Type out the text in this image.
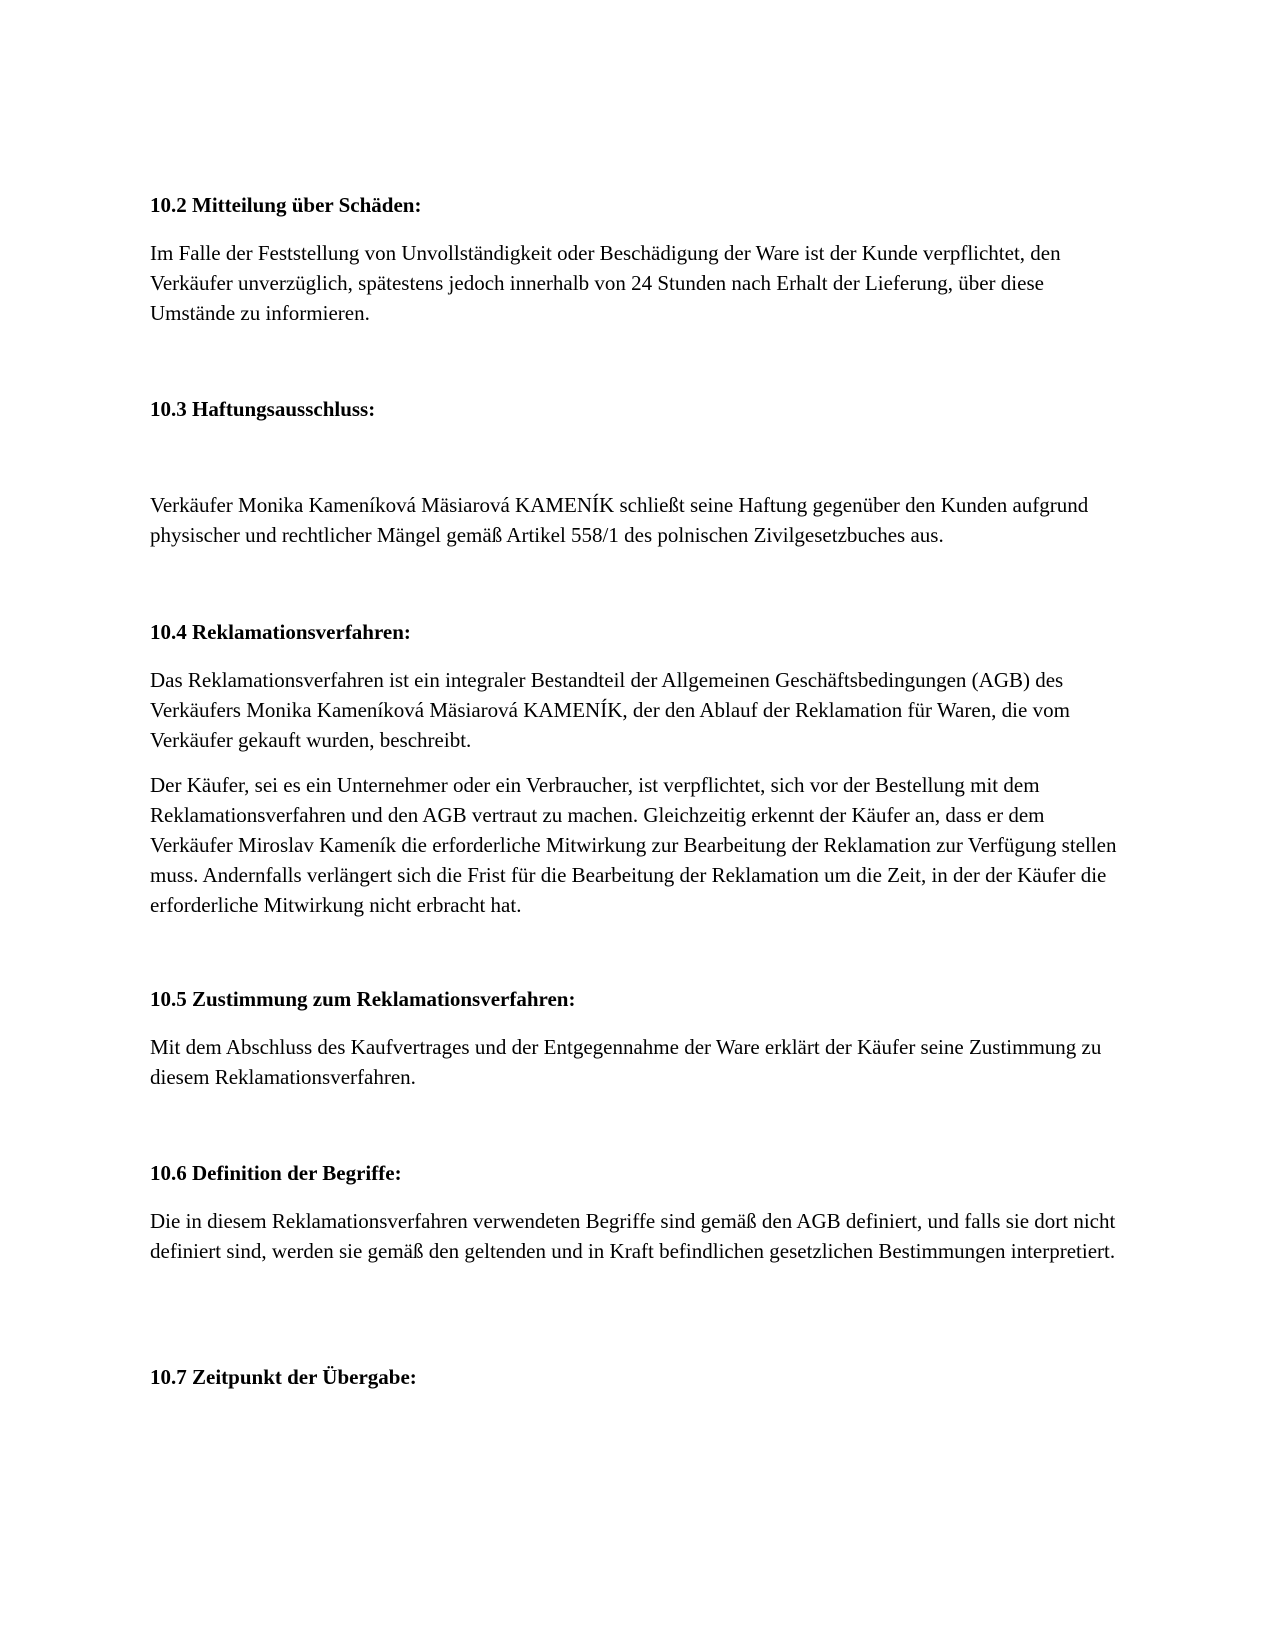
10.2 Mitteilung über Schäden:
Im Falle der Feststellung von Unvollständigkeit oder Beschädigung der Ware ist der Kunde verpflichtet, den Verkäufer unverzüglich, spätestens jedoch innerhalb von 24 Stunden nach Erhalt der Lieferung, über diese Umstände zu informieren.
10.3 Haftungsausschluss:
Verkäufer Monika Kameníková Mäsiarová KAMENÍK schließt seine Haftung gegenüber den Kunden aufgrund physischer und rechtlicher Mängel gemäß Artikel 558/1 des polnischen Zivilgesetzbuches aus.
10.4 Reklamationsverfahren:
Das Reklamationsverfahren ist ein integraler Bestandteil der Allgemeinen Geschäftsbedingungen (AGB) des Verkäufers Monika Kameníková Mäsiarová KAMENÍK, der den Ablauf der Reklamation für Waren, die vom Verkäufer gekauft wurden, beschreibt.
Der Käufer, sei es ein Unternehmer oder ein Verbraucher, ist verpflichtet, sich vor der Bestellung mit dem Reklamationsverfahren und den AGB vertraut zu machen. Gleichzeitig erkennt der Käufer an, dass er dem Verkäufer Miroslav Kameník die erforderliche Mitwirkung zur Bearbeitung der Reklamation zur Verfügung stellen muss. Andernfalls verlängert sich die Frist für die Bearbeitung der Reklamation um die Zeit, in der der Käufer die erforderliche Mitwirkung nicht erbracht hat.
10.5 Zustimmung zum Reklamationsverfahren:
Mit dem Abschluss des Kaufvertrages und der Entgegennahme der Ware erklärt der Käufer seine Zustimmung zu diesem Reklamationsverfahren.
10.6 Definition der Begriffe:
Die in diesem Reklamationsverfahren verwendeten Begriffe sind gemäß den AGB definiert, und falls sie dort nicht definiert sind, werden sie gemäß den geltenden und in Kraft befindlichen gesetzlichen Bestimmungen interpretiert.
10.7 Zeitpunkt der Übergabe:
